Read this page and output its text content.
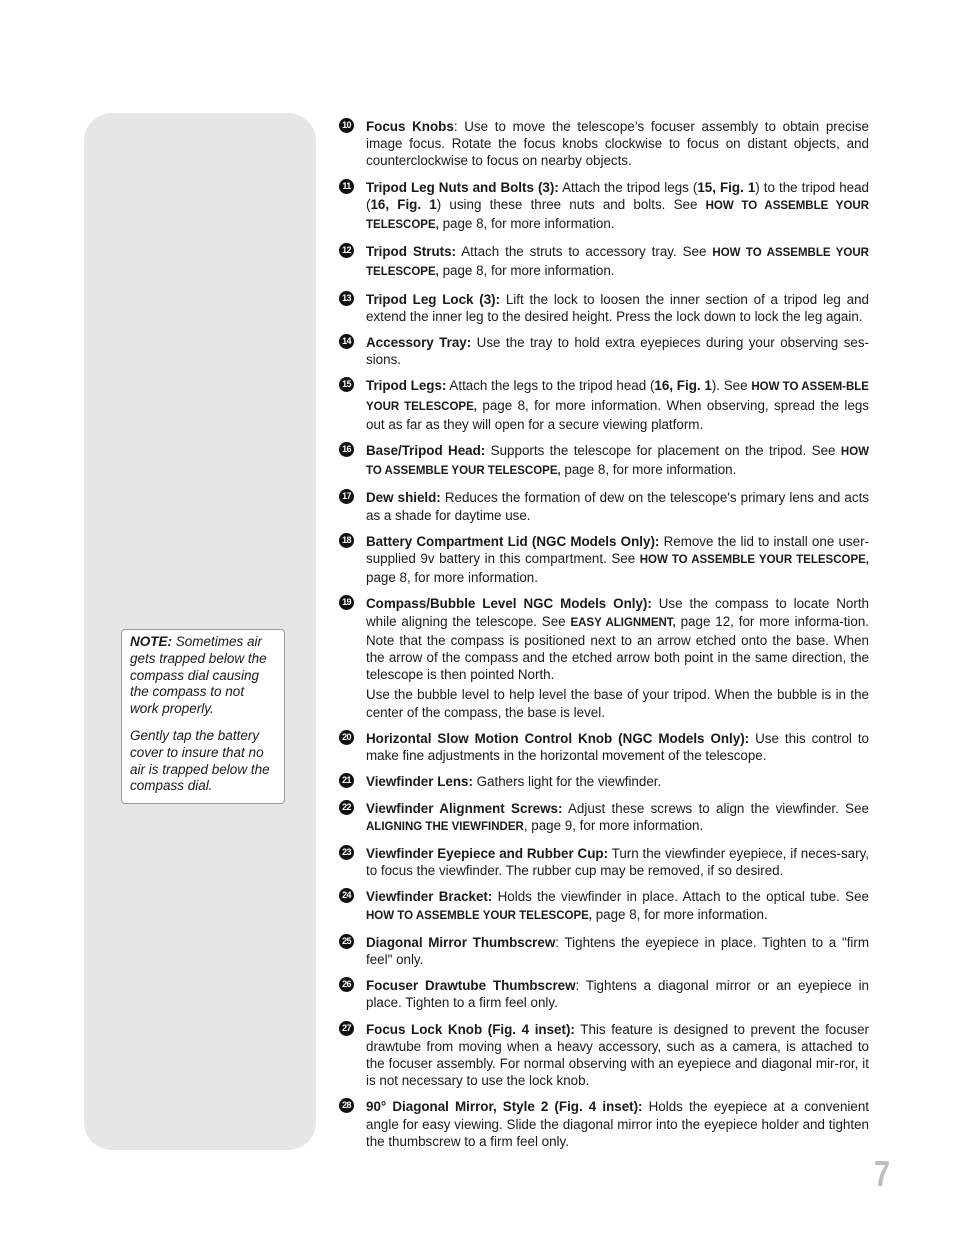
NOTE: Sometimes air gets trapped below the compass dial causing the compass to not work properly.

Gently tap the battery cover to insure that no air is trapped below the compass dial.

10 Focus Knobs: Use to move the telescope’s focuser assembly to obtain precise image focus. Rotate the focus knobs clockwise to focus on distant objects, and counterclockwise to focus on nearby objects.

11 Tripod Leg Nuts and Bolts (3): Attach the tripod legs (15, Fig. 1) to the tripod head (16, Fig. 1) using these three nuts and bolts. See HOW TO ASSEMBLE YOUR TELESCOPE, page 8, for more information.

12 Tripod Struts: Attach the struts to accessory tray. See HOW TO ASSEMBLE YOUR TELESCOPE, page 8, for more information.

13 Tripod Leg Lock (3): Lift the lock to loosen the inner section of a tripod leg and extend the inner leg to the desired height. Press the lock down to lock the leg again.

14 Accessory Tray: Use the tray to hold extra eyepieces during your observing ses-sions.

15 Tripod Legs: Attach the legs to the tripod head (16, Fig. 1). See HOW TO ASSEM-BLE YOUR TELESCOPE, page 8, for more information. When observing, spread the legs out as far as they will open for a secure viewing platform.

16 Base/Tripod Head: Supports the telescope for placement on the tripod. See HOW TO ASSEMBLE YOUR TELESCOPE, page 8, for more information.

17 Dew shield: Reduces the formation of dew on the telescope's primary lens and acts as a shade for daytime use.

18 Battery Compartment Lid (NGC Models Only): Remove the lid to install one user-supplied 9v battery in this compartment. See HOW TO ASSEMBLE YOUR TELESCOPE, page 8, for more information.

19 Compass/Bubble Level NGC Models Only): Use the compass to locate North while aligning the telescope. See EASY ALIGNMENT, page 12, for more informa-tion. Note that the compass is positioned next to an arrow etched onto the base. When the arrow of the compass and the etched arrow both point in the same direction, the telescope is then pointed North.

Use the bubble level to help level the base of your tripod. When the bubble is in the center of the compass, the base is level.

20 Horizontal Slow Motion Control Knob (NGC Models Only): Use this control to make fine adjustments in the horizontal movement of the telescope.

21 Viewfinder Lens: Gathers light for the viewfinder.

22 Viewfinder Alignment Screws: Adjust these screws to align the viewfinder. See ALIGNING THE VIEWFINDER, page 9, for more information.

23 Viewfinder Eyepiece and Rubber Cup: Turn the viewfinder eyepiece, if neces-sary, to focus the viewfinder. The rubber cup may be removed, if so desired.

24 Viewfinder Bracket: Holds the viewfinder in place. Attach to the optical tube. See HOW TO ASSEMBLE YOUR TELESCOPE, page 8, for more information.

25 Diagonal Mirror Thumbscrew: Tightens the eyepiece in place. Tighten to a "firm feel" only.

26 Focuser Drawtube Thumbscrew: Tightens a diagonal mirror or an eyepiece in place. Tighten to a firm feel only.

27 Focus Lock Knob (Fig. 4 inset): This feature is designed to prevent the focuser drawtube from moving when a heavy accessory, such as a camera, is attached to the focuser assembly. For normal observing with an eyepiece and diagonal mir-ror, it is not necessary to use the lock knob.

28 90° Diagonal Mirror, Style 2 (Fig. 4 inset): Holds the eyepiece at a convenient angle for easy viewing. Slide the diagonal mirror into the eyepiece holder and tighten the thumbscrew to a firm feel only.

7
